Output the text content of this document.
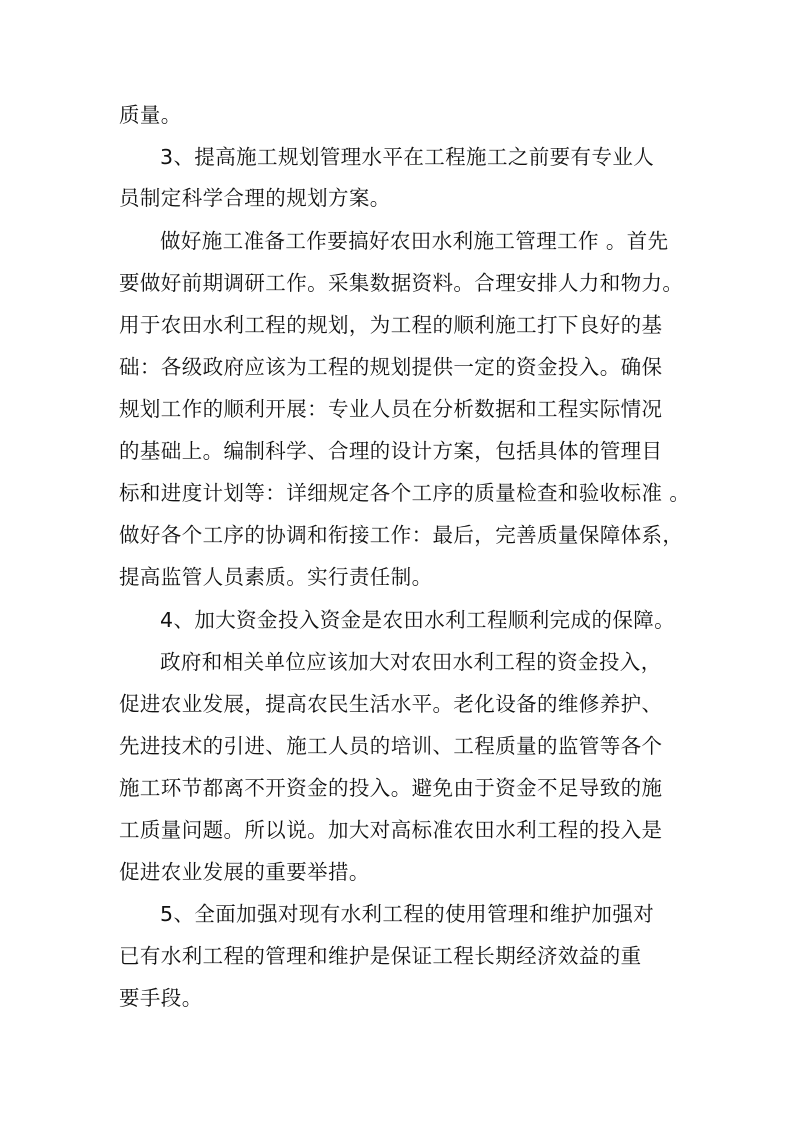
质量。
3、提高施工规划管理水平在工程施工之前要有专业人
员制定科学合理的规划方案。
做好施工准备工作要搞好农田水利施工管理工作 。首先
要做好前期调研工作。采集数据资料。合理安排人力和物力。
用于农田水利工程的规划，为工程的顺利施工打下良好的基
础：各级政府应该为工程的规划提供一定的资金投入。确保
规划工作的顺利开展：专业人员在分析数据和工程实际情况
的基础上。编制科学、合理的设计方案，包括具体的管理目
标和进度计划等：详细规定各个工序的质量检查和验收标准 。
做好各个工序的协调和衔接工作：最后，完善质量保障体系，
提高监管人员素质。实行责任制。
4、加大资金投入资金是农田水利工程顺利完成的保障。
政府和相关单位应该加大对农田水利工程的资金投入，
促进农业发展，提高农民生活水平。老化设备的维修养护、
先进技术的引进、施工人员的培训、工程质量的监管等各个
施工环节都离不开资金的投入。避免由于资金不足导致的施
工质量问题。所以说。加大对高标准农田水利工程的投入是
促进农业发展的重要举措。
5、全面加强对现有水利工程的使用管理和维护加强对
已有水利工程的管理和维护是保证工程长期经济效益的重
要手段。
